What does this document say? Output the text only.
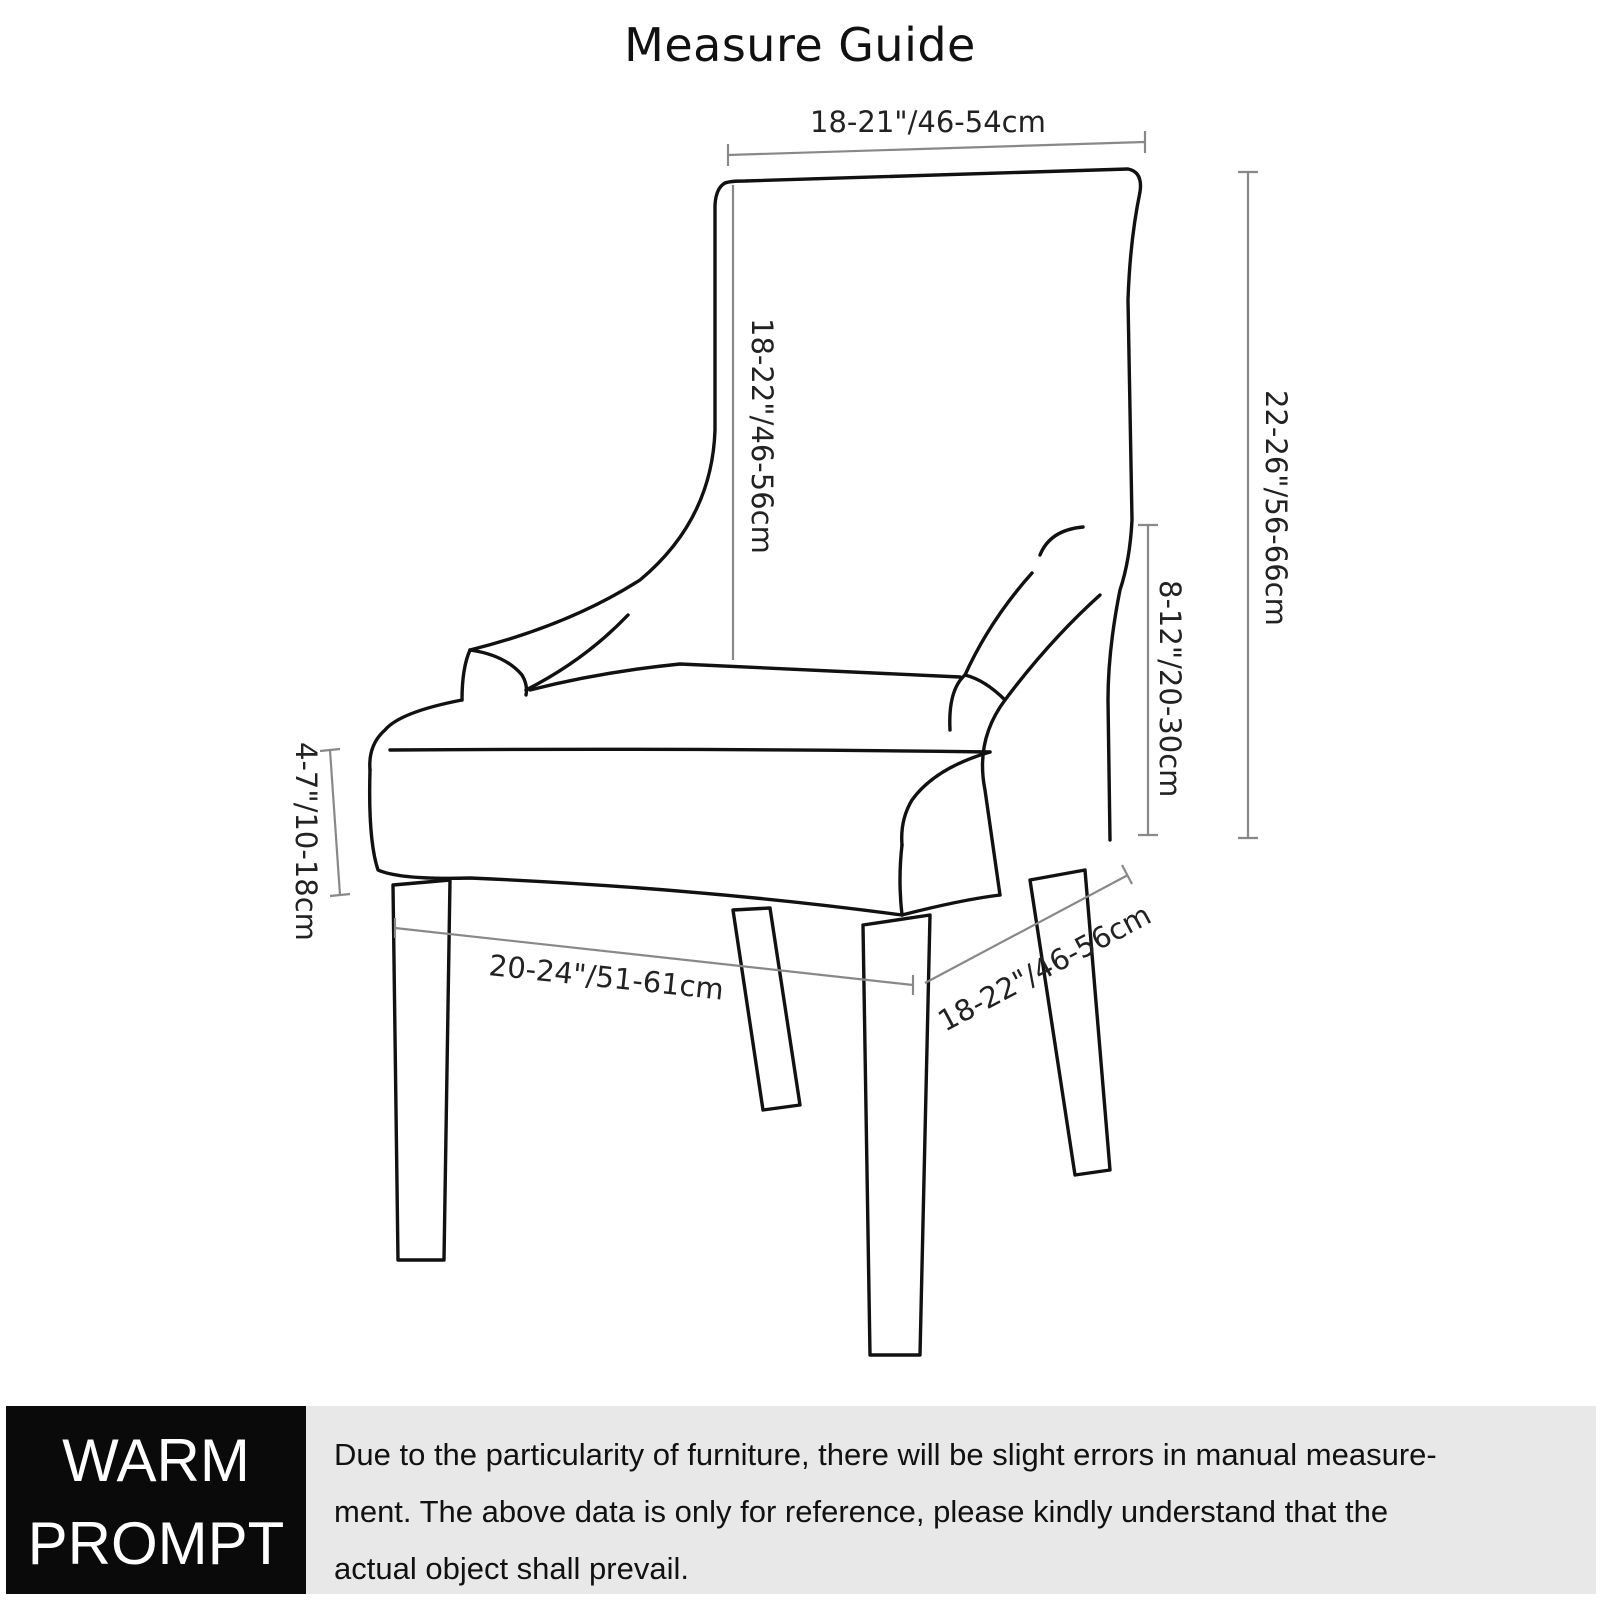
Measure Guide
18-21"/46-54cm
18-22"/46-56cm	22-26"/56-66cm
8-12"/20-30cm
4-7"/10-18cm
20-24"/51-61cm	18-22"/46-56cm
WARM
PROMPT

Due to the particularity of furniture, there will be slight errors in manual measure-
ment. The above data is only for reference, please kindly understand that the
actual object shall prevail.
